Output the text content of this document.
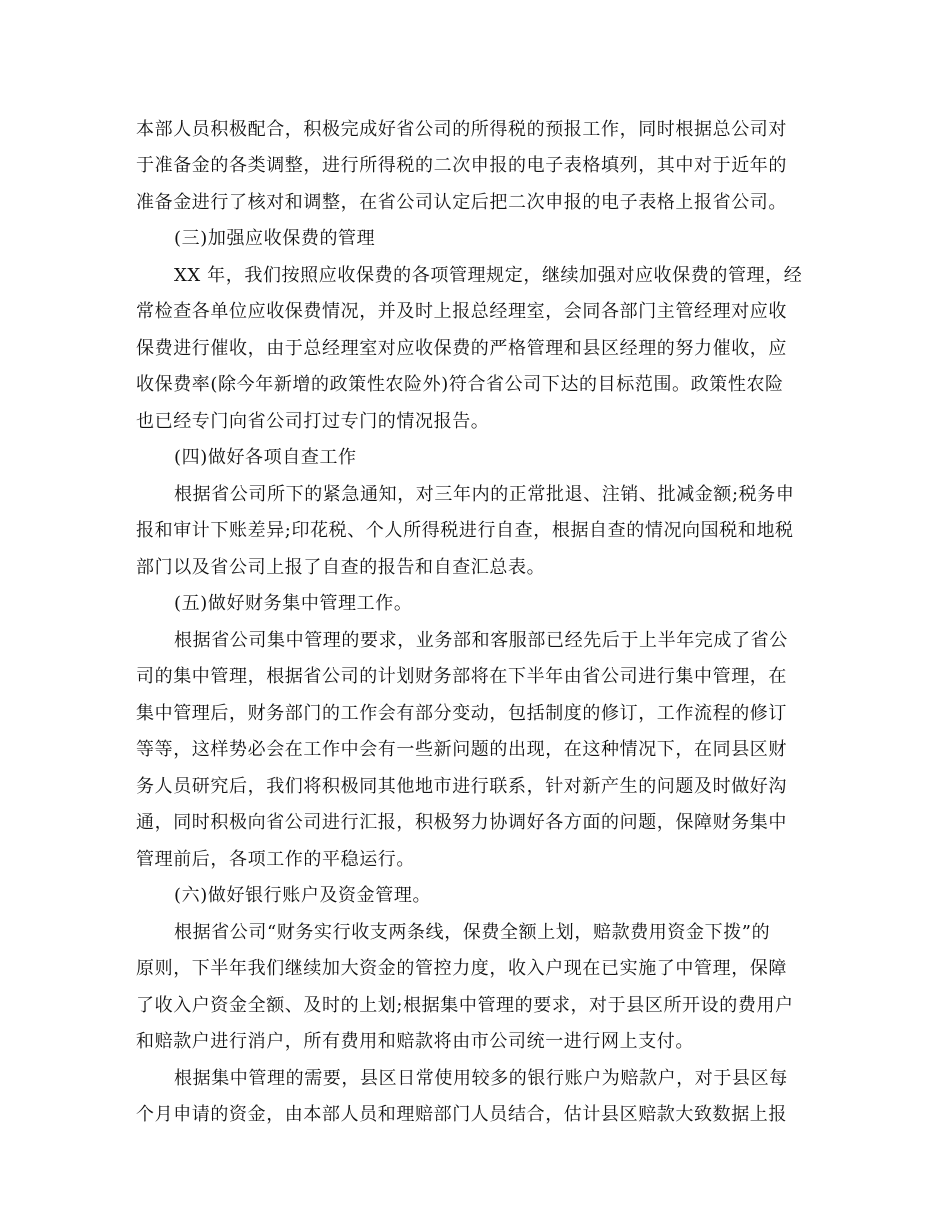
本部人员积极配合，积极完成好省公司的所得税的预报工作，同时根据总公司对
于准备金的各类调整，进行所得税的二次申报的电子表格填列，其中对于近年的
准备金进行了核对和调整，在省公司认定后把二次申报的电子表格上报省公司。
(三)加强应收保费的管理
XX 年，我们按照应收保费的各项管理规定，继续加强对应收保费的管理，经
常检查各单位应收保费情况，并及时上报总经理室，会同各部门主管经理对应收
保费进行催收，由于总经理室对应收保费的严格管理和县区经理的努力催收，应
收保费率(除今年新增的政策性农险外)符合省公司下达的目标范围。政策性农险
也已经专门向省公司打过专门的情况报告。
(四)做好各项自查工作
根据省公司所下的紧急通知，对三年内的正常批退、注销、批减金额;税务申
报和审计下账差异;印花税、个人所得税进行自查，根据自查的情况向国税和地税
部门以及省公司上报了自查的报告和自查汇总表。
(五)做好财务集中管理工作。
根据省公司集中管理的要求，业务部和客服部已经先后于上半年完成了省公
司的集中管理，根据省公司的计划财务部将在下半年由省公司进行集中管理，在
集中管理后，财务部门的工作会有部分变动，包括制度的修订，工作流程的修订
等等，这样势必会在工作中会有一些新问题的出现，在这种情况下，在同县区财
务人员研究后，我们将积极同其他地市进行联系，针对新产生的问题及时做好沟
通，同时积极向省公司进行汇报，积极努力协调好各方面的问题，保障财务集中
管理前后，各项工作的平稳运行。
(六)做好银行账户及资金管理。
根据省公司“财务实行收支两条线，保费全额上划，赔款费用资金下拨”的
原则，下半年我们继续加大资金的管控力度，收入户现在已实施了中管理，保障
了收入户资金全额、及时的上划;根据集中管理的要求，对于县区所开设的费用户
和赔款户进行消户，所有费用和赔款将由市公司统一进行网上支付。
根据集中管理的需要，县区日常使用较多的银行账户为赔款户，对于县区每
个月申请的资金，由本部人员和理赔部门人员结合，估计县区赔款大致数据上报
